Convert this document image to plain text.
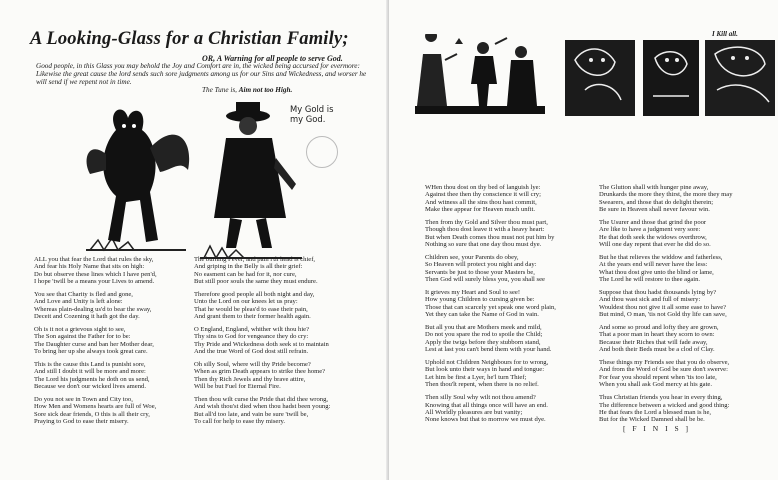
A Looking-Glass for a Christian Family;
OR, A Warning for all people to serve God.
Good people, in this Glass you may behold the Joy and Comfort are in, the wicked being accursed for evermore: Likewise the great cause the lord sends such sore judgments among us for our Sins and Wickedness, and worser he will send if we repent not in time.
The Tune is, Aim not too High.
My Gold is my God.
ALL you that fear the Lord that rules the sky,
And fear his Holy Name that sits on high:
Do but observe these lines which I have pen'd,
I hope 'twill be a means your Lives to amend.
You see that Charity is fled and gone,
And Love and Unity is left alone:
Whereas plain-dealing us'd to bear the sway,
Deceit and Cozening it hath got the day.
Oh is it not a grievous sight to see,
The Son against the Father for to be:
The Daughter curse and ban her Mother dear,
To bring her up she always took great care.
This is the cause this Land is punisht sore,
And still I doubt it will be more and more:
The Lord his judgments he doth on us send,
Because we don't our wicked lives amend.
Do you not see in Town and City too,
How Men and Womens hearts are full of Woe,
Sore sick dear friends, O this is all their cry,
Praying to God to ease their misery.
The burning Fever, and pain i'th head is chief,
And griping in the Belly is all their grief:
No easment can be had for it, nor cure,
But still poor souls the same they must endure.
Therefore good people all both night and day,
Unto the Lord on our knees let us pray:
That he would be pleas'd to ease their pain,
And grant them to their former health again.
O England, England, whither wilt thou hie?
Thy sins to God for vengeance they do cry:
Thy Pride and Wickedness doth seek st to maintain
And the true Word of God dost still refrain.
Oh silly Soul, where will thy Pride become?
When as grim Death appears to strike thee home?
Then thy Rich Jewels and thy brave attire,
Will be but Fuel for Eternal Fire.
Then thou wilt curse the Pride that did thee wrong,
And wish thou'st died when thou hadst been young:
But all'd too late, and vain be sure 'twill be,
To call for help to ease thy misery.
I Kill all.
WHen thou dost on thy bed of languish lye:
Against thee then thy conscience it will cry;
And witness all the sins thou hast commit,
Make thee appear for Heaven much unfit.
Then from thy Gold and Silver thou must part,
Though thou dost leave it with a heavy heart:
But when Death comes thou must not put him by
Nothing so sure that one day thou must dye.
Children see, your Parents do obey,
So Heaven will protect you night and day:
Servants be just to those your Masters be,
Then God will surely bless you, you shall see
It grieves my Heart and Soul to see!
How young Children to cursing given be:
Those that can scarcely yet speak one word plain,
Yet they can take the Name of God in vain.
But all you that are Mothers meek and mild,
Do not you spare the rod to spoile the Child;
Apply the twigs before they stubborn stand,
Lest at last you can't bend them with your hand.
Uphold not Children Neighbours for to wrong,
But look unto their ways in hand and tongue:
Let him be first a Lyer, he'l turn Thief;
Then thou'lt repent, when there is no relief.
Then silly Soul why wilt not thou amend?
Knowing that all things once will have an end.
All Worldly pleasures are but vanity;
None knows but that to morrow we must dye.
The Glutton shall with hunger pine away,
Drunkards the more they thirst, the more they may
Swearers, and those that do delight therein;
Be sure in Heaven shall never favour win.
The Usurer and those that grind the poor
Are like to have a judgment very sore:
He that doth seek the widows overthrow,
Will one day repent that ever he did do so.
But he that relieves the widdow and fatherless,
At the years end will never have the less:
What thou dost give unto the blind or lame,
The Lord he will restore to thee again.
Suppose that thou hadst thousands lying by?
And thou wast sick and full of misery:
Wouldest thou not give it all some ease to have?
But mind, O man, 'tis not Gold thy life can save,
And some so proud and lofty they are grown,
That a poor man in heart they scorn to own:
Because their Riches that will fade away,
And both their Beds must be a clod of Clay.
These things my Friends see that you do observe,
And from the Word of God be sure don't swerve:
For fear you should repent when 'tis too late,
When you shall ask God mercy at his gate.
Thus Christian friends you hear in every thing,
The difference between a wicked and good thing:
He that fears the Lord a blessed man is he,
But for the Wicked Damned shall be be.
[ F I N I S ]
